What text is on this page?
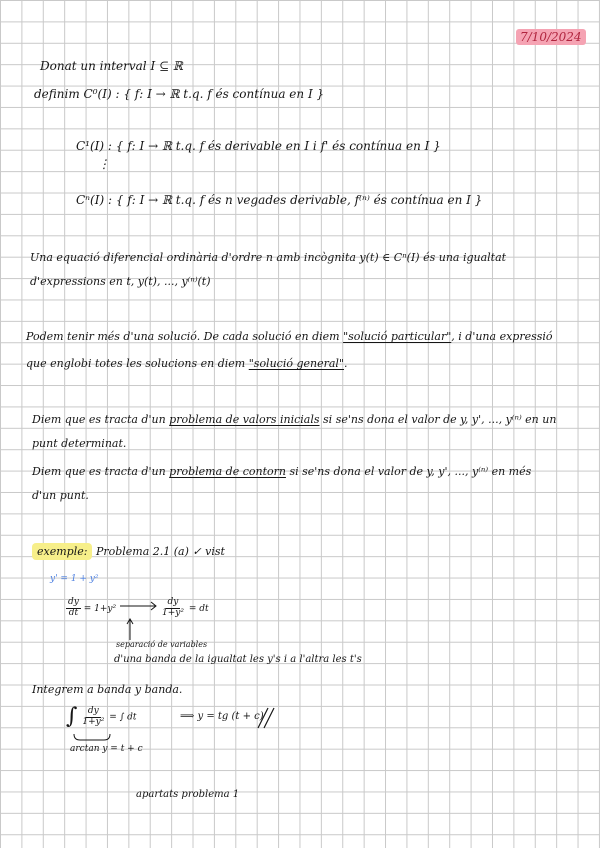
7/10/2024
Donat un interval I ⊆ ℝ
definim C⁰(I) : { f: I → ℝ t.q. f és contínua en I }
C¹(I) : { f: I → ℝ t.q. f és derivable en I i f' és contínua en I }
⋮
Cⁿ(I) : { f: I → ℝ t.q. f és n vegades derivable, f⁽ⁿ⁾ és contínua en I }
Una equació diferencial ordinària d'ordre n amb incògnita y(t) ∈ Cⁿ(I) és una igualtat
d'expressions en t, y(t), ..., y⁽ⁿ⁾(t)
Podem tenir més d'una solució. De cada solució en diem "solució particular", i d'una expressió
que englobi totes les solucions en diem "solució general".
Diem que es tracta d'un problema de valors inicials si se'ns dona el valor de y, y', ..., y⁽ⁿ⁾ en un
punt determinat.
Diem que es tracta d'un problema de contorn si se'ns dona el valor de y, y', ..., y⁽ⁿ⁾ en més
d'un punt.
exemple: Problema 2.1 (a) ✓ vist
y' = 1 + y²
$\frac{dy}{dt} = 1+y^2$	$\frac{dy}{\text{1+y²}}$ = dt
separació de variables
d'una banda de la igualtat les y's i a l'altra les t's
Integrem a banda y banda.
∫ $\frac{dy}{\text{1+y²}}$ = ∫ dt	⟹ y = tg (t + c)
arctan y = t + c
apartats problema 1
